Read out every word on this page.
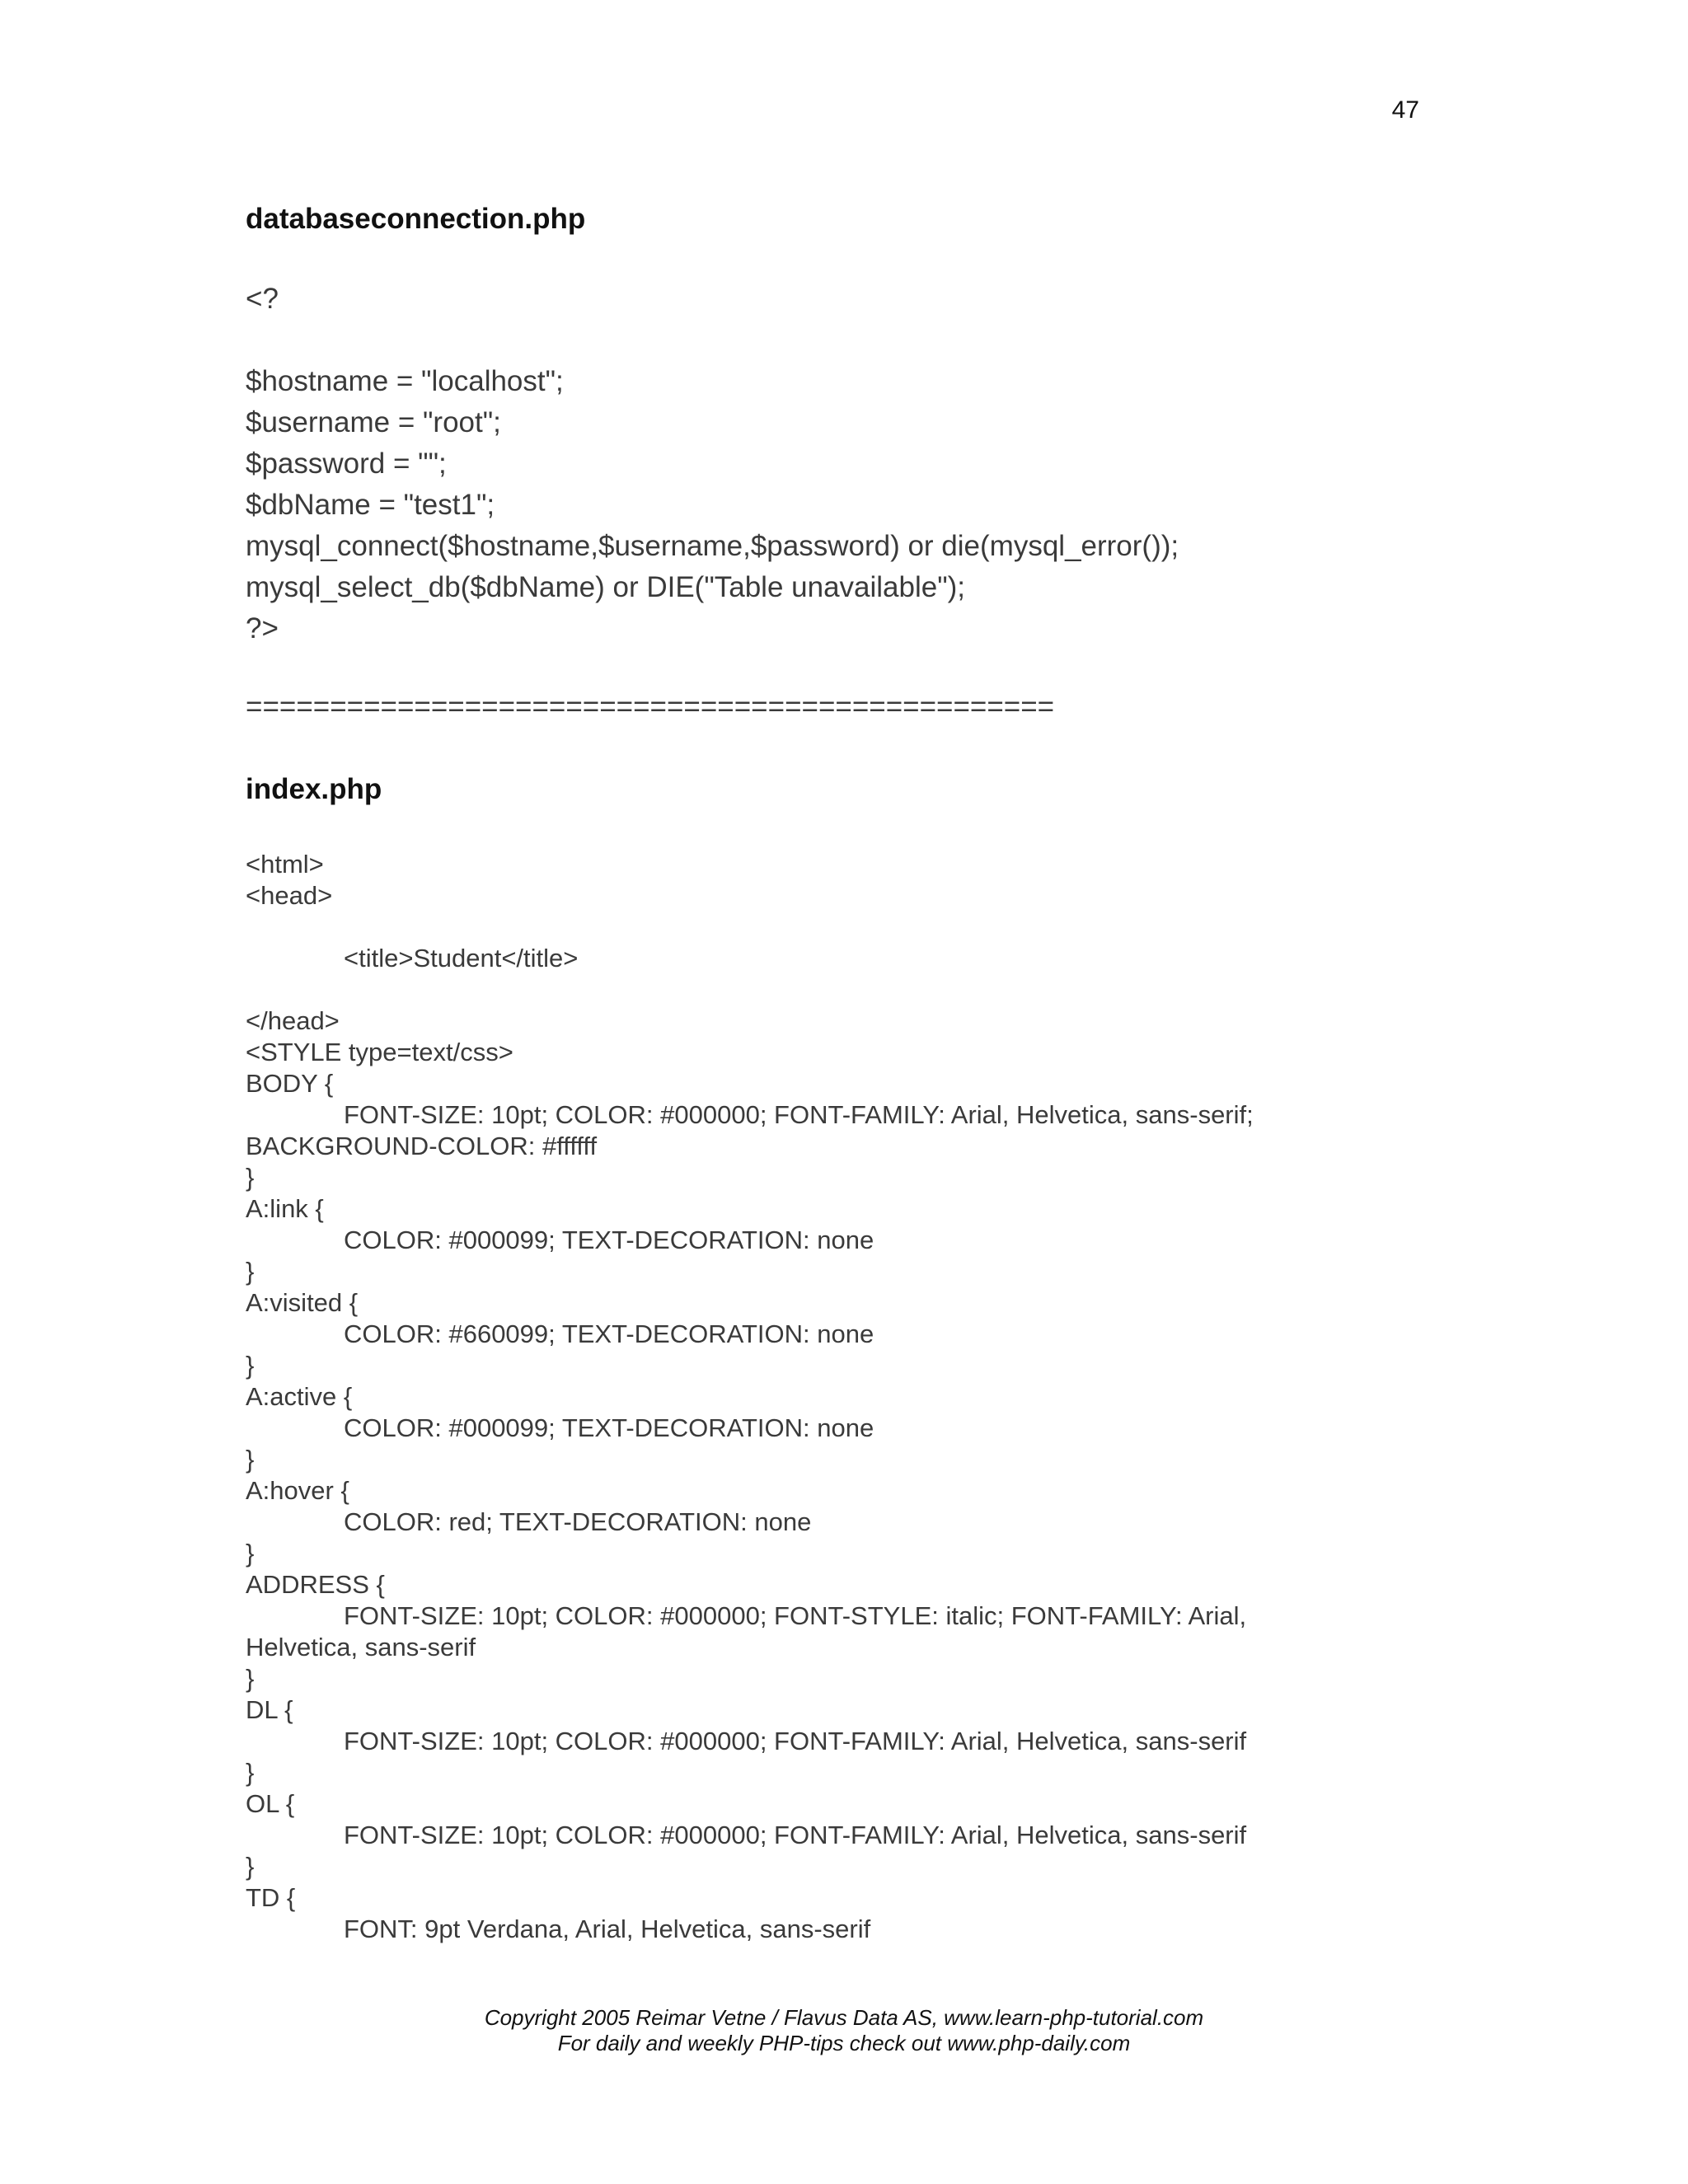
47
databaseconnection.php
<?
$hostname = "localhost";
$username = "root";
$password = "";
$dbName = "test1";
mysql_connect($hostname,$username,$password) or die(mysql_error());
mysql_select_db($dbName) or DIE("Table unavailable");
?>
================================================
index.php
<html>
<head>
<title>Student</title>
</head>
<STYLE type=text/css>
BODY {
FONT-SIZE: 10pt; COLOR: #000000; FONT-FAMILY: Arial, Helvetica, sans-serif;
BACKGROUND-COLOR: #ffffff
}
A:link {
COLOR: #000099; TEXT-DECORATION: none
}
A:visited {
COLOR: #660099; TEXT-DECORATION: none
}
A:active {
COLOR: #000099; TEXT-DECORATION: none
}
A:hover {
COLOR: red; TEXT-DECORATION: none
}
ADDRESS {
FONT-SIZE: 10pt; COLOR: #000000; FONT-STYLE: italic; FONT-FAMILY: Arial,
Helvetica, sans-serif
}
DL {
FONT-SIZE: 10pt; COLOR: #000000; FONT-FAMILY: Arial, Helvetica, sans-serif
}
OL {
FONT-SIZE: 10pt; COLOR: #000000; FONT-FAMILY: Arial, Helvetica, sans-serif
}
TD {
FONT: 9pt Verdana, Arial, Helvetica, sans-serif
Copyright 2005 Reimar Vetne / Flavus Data AS, www.learn-php-tutorial.com
For daily and weekly PHP-tips check out www.php-daily.com
